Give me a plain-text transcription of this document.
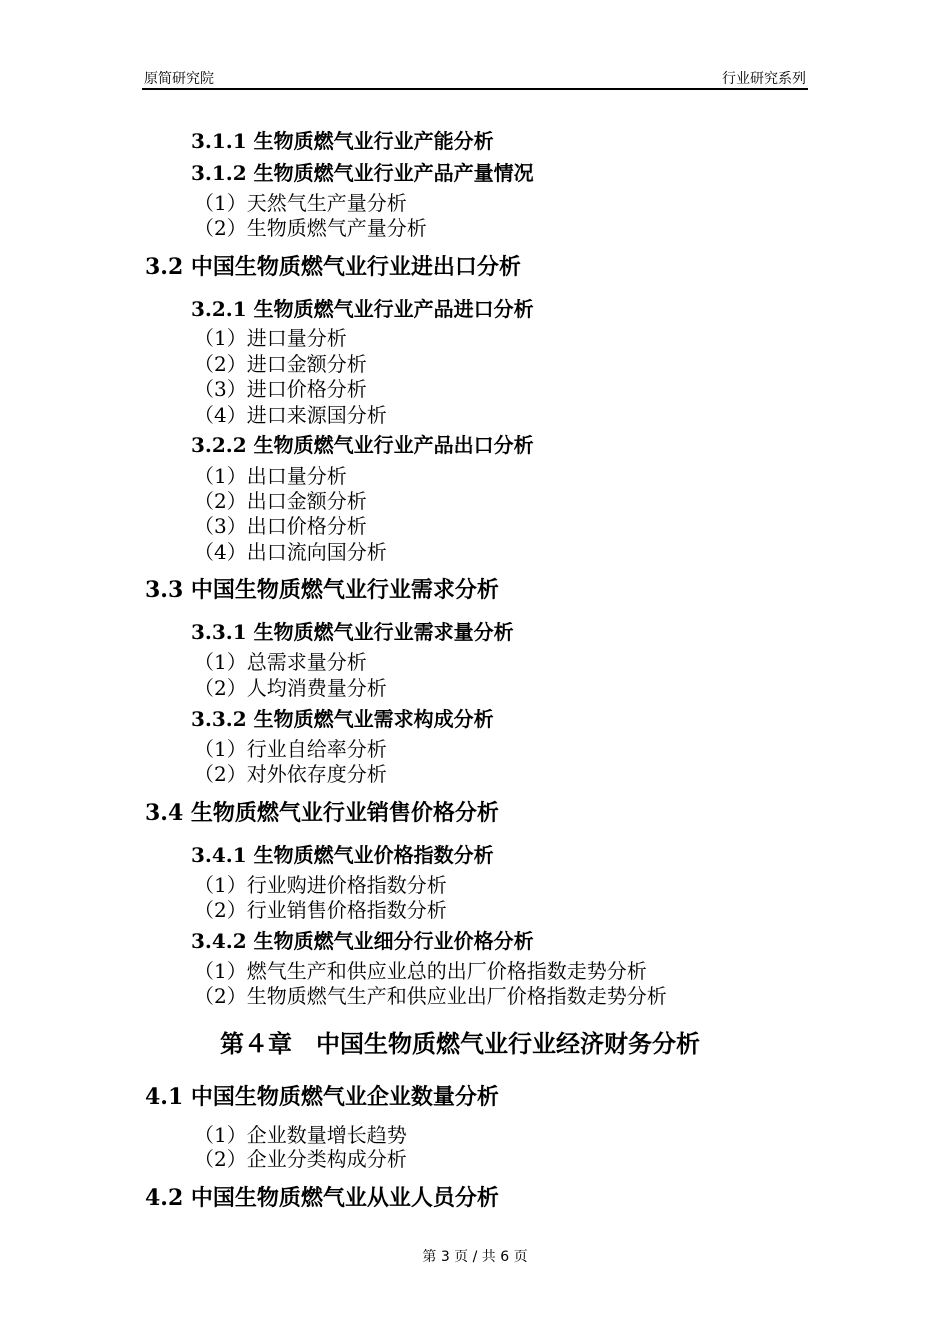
原简研究院	行业研究系列
3.1.1 生物质燃气业行业产能分析
3.1.2 生物质燃气业行业产品产量情况
（1）天然气生产量分析
（2）生物质燃气产量分析
3.2 中国生物质燃气业行业进出口分析
3.2.1 生物质燃气业行业产品进口分析
（1）进口量分析
（2）进口金额分析
（3）进口价格分析
（4）进口来源国分析
3.2.2 生物质燃气业行业产品出口分析
（1）出口量分析
（2）出口金额分析
（3）出口价格分析
（4）出口流向国分析
3.3 中国生物质燃气业行业需求分析
3.3.1 生物质燃气业行业需求量分析
（1）总需求量分析
（2）人均消费量分析
3.3.2 生物质燃气业需求构成分析
（1）行业自给率分析
（2）对外依存度分析
3.4 生物质燃气业行业销售价格分析
3.4.1 生物质燃气业价格指数分析
（1）行业购进价格指数分析
（2）行业销售价格指数分析
3.4.2 生物质燃气业细分行业价格分析
（1）燃气生产和供应业总的出厂价格指数走势分析
（2）生物质燃气生产和供应业出厂价格指数走势分析
第４章　中国生物质燃气业行业经济财务分析
4.1 中国生物质燃气业企业数量分析
（1）企业数量增长趋势
（2）企业分类构成分析
4.2 中国生物质燃气业从业人员分析
第 3 页 / 共 6 页
